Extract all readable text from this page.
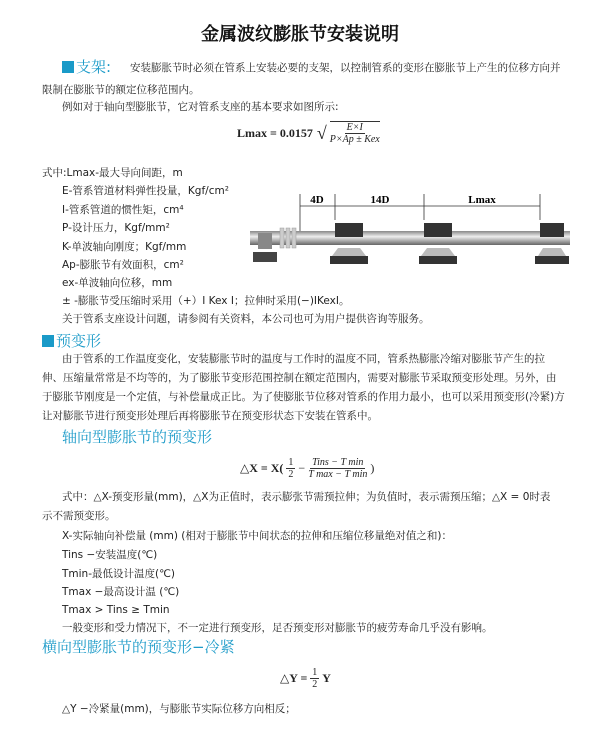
金属波纹膨胀节安装说明
支架: 安装膨胀节时必须在管系上安装必要的支架，以控制管系的变形在膨胀节上产生的位移方向并
限制在膨胀节的额定位移范围内。
例如对于轴向型膨胀节，它对管系支座的基本要求如图所示:
Lmax = 0.0157 √ $\frac{E\times I}{\text{P×Ap ± Kex}}$
式中:Lmax-最大导向间距，m
E-管系管道材料弹性投量，Kgf/cm²
I-管系管道的惯性矩，cm⁴
P-设计压力，Kgf/mm²
K-单波轴向刚度；Kgf/mm
Ap-膨胀节有效面积，cm²
ex-单波轴向位移，mm
± -膨胀节受压缩时采用（+）I Kex I；拉伸时采用(−)IKexI。
关于管系支座设计问题，请参阅有关资料，本公司也可为用户提供咨询等服务。
4D	14D	Lmax
预变形
由于管系的工作温度变化，安装膨胀节时的温度与工作时的温度不同，管系热膨胀冷缩对膨胀节产生的拉
伸、压缩量常常是不均等的，为了膨胀节变形范围控制在额定范围内，需要对膨胀节采取预变形处理。另外，由
于膨胀节刚度是一个定值，与补偿量成正比。为了使膨胀节位移对管系的作用力最小，也可以采用预变形(冷紧)方
让对膨胀节进行预变形处理后再将膨胀节在预变形状态下安装在管系中。
轴向型膨胀节的预变形
△X = $X( \frac{1}{2} - \frac{\text{Tins − T min}}{\text{T max − T min}}$ )
式中：△X-预变形量(mm)，△X为正值时，表示膨张节需预拉伸；为负值时，表示需预压缩；△X = 0时表
示不需预变形。
X-实际轴向补偿量 (mm) (相对于膨胀节中间状态的拉伸和压缩位移量绝对值之和)：
Tins −安装温度(℃)
Tmin-最低设计温度(℃)
Tmax −最高设计温 (℃)
Tmax > Tins ≥ Tmin
一般变形和受力情况下，不一定进行预变形，足否预变形对膨胀节的疲劳寿命几乎没有影响。
横向型膨胀节的预变形−冷紧
△Y = $\frac{1}{2}$ Y
△Y −冷紧量(mm)，与膨胀节实际位移方向相反；
